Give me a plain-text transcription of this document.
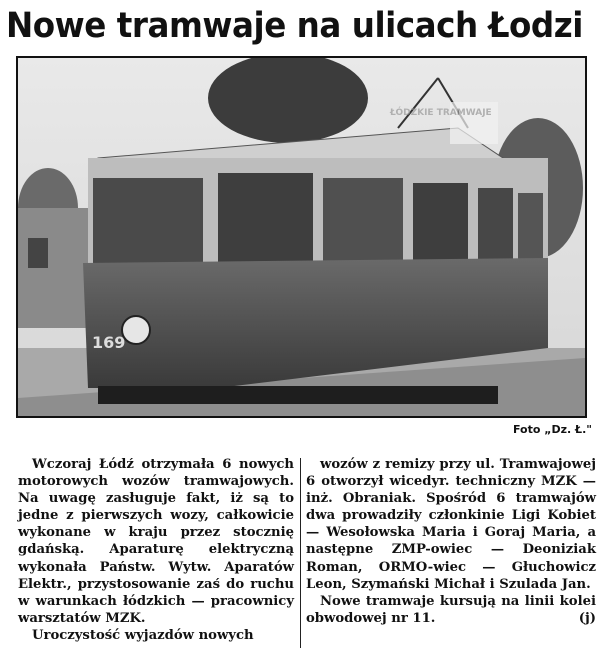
Nowe tramwaje na ulicach Łodzi
169
ŁÓDZKIE TRAMWAJE
Foto „Dz. Ł."

Wczoraj Łódź otrzymała 6 nowych motorowych wozów tramwajowych. Na uwagę zasługuje fakt, iż są to jedne z pierwszych wozy, całkowicie wykonane w kraju przez stocznię gdańską. Aparaturę elektryczną wykonała Państw. Wytw. Aparatów Elektr., przystosowanie zaś do ruchu w warunkach łódzkich — pracownicy warsztatów MZK.

Uroczystość wyjazdów nowych

wozów z remizy przy ul. Tramwajowej 6 otworzył wicedyr. techniczny MZK — inż. Obraniak. Spośród 6 tramwajów dwa prowadziły członkinie Ligi Kobiet — Wesołowska Maria i Goraj Maria, a następne ZMP-owiec — Deoniziak Roman, ORMO-wiec — Głuchowicz Leon, Szymański Michał i Szulada Jan.

Nowe tramwaje kursują na linii kolei obwodowej nr 11.	(j)
